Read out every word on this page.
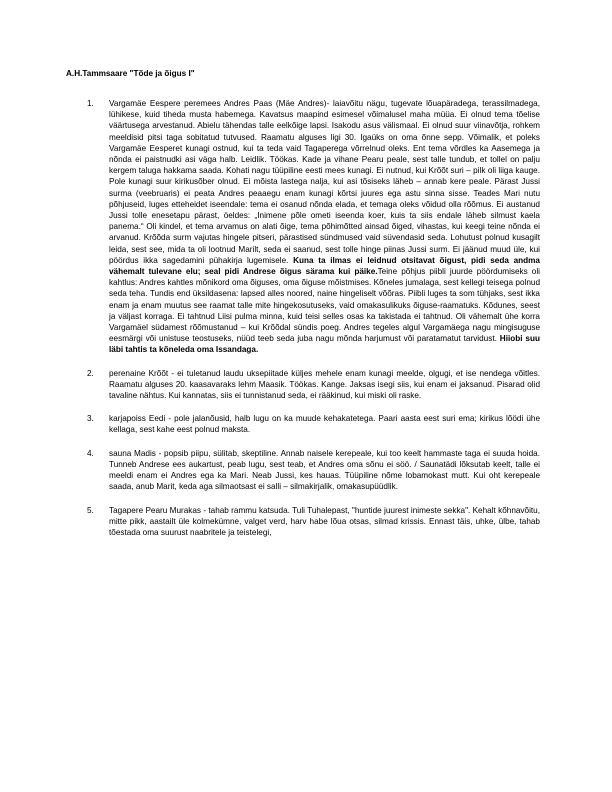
A.H.Tammsaare "Tõde ja õigus I"
1. Vargamäe Eespere peremees Andres Paas (Mäe Andres)- laiavõitu nägu, tugevate lõuapäradega, terassilmadega, lühikese, kuid tiheda musta habemega. Kavatsus maapind esimesel võimalusel maha müüa. Ei olnud tema tõelise väärtusega arvestanud. Abielu tähendas talle eelkõige lapsi. Isakodu asus välismaal. Ei olnud suur viinavõtja, rohkem meeldisid pitsi taga sobitatud tutvused. Raamatu alguses ligi 30. Igaüks on oma õnne sepp. Võimalik, et poleks Vargamäe Eesperet kunagi ostnud, kui ta teda vaid Tagaperega võrrelnud oleks. Ent tema võrdles ka Aasemega ja nõnda ei paistnudki asi väga halb. Leidlik. Töökas. Kade ja vihane Pearu peale, sest talle tundub, et tollel on palju kergem taluga hakkama saada. Kohati nagu tüüpiline eesti mees kunagi. Ei nutnud, kui Krõõt suri – pilk oli liiga kauge. Pole kunagi suur kirikusõber olnud. Ei mõista lastega nalja, kui asi tõsiseks läheb – annab kere peale. Pärast Jussi surma (veebruaris) ei peata Andres peaaegu enam kunagi kõrtsi juures ega astu sinna sisse. Teades Mari nutu põhjuseid, luges etteheidet iseendale: tema ei osanud nõnda elada, et temaga oleks võidud olla rõõmus. Ei austanud Jussi tolle enesetapu pärast, öeldes: „Inimene põle ometi iseenda koer, kuis ta siis endale läheb silmust kaela panema.“ Oli kindel, et tema arvamus on alati õige, tema põhimõtted ainsad õiged, vihastas, kui keegi teine nõnda ei arvanud. Krõõda surm vajutas hingele pitseri, pärastised sündmused vaid süvendasid seda. Lohutust polnud kusagilt leida, sest see, mida ta oli lootnud Marilt, seda ei saanud, sest tolle hinge piinas Jussi surm. Ei jäänud muud üle, kui pöördus ikka sagedamini pühakirja lugemisele. Kuna ta ilmas ei leidnud otsitavat õigust, pidi seda andma vähemalt tulevane elu; seal pidi Andrese õigus särama kui päike.Teine põhjus piibli juurde pöördumiseks oli kahtlus: Andres kahtles mõnikord oma õiguses, oma õiguse mõistmises. Kõneles jumalaga, sest kellegi teisega polnud seda teha. Tundis end üksildasena: lapsed alles noored, naine hingeliselt võõras. Piibli luges ta som tühjaks, sest ikka enam ja enam muutus see raamat talle mite hingekosutuseks, vaid omakasulikuks õiguse-raamatuks. Kõdunes, seest ja väljast korraga. Ei tahtnud Liisi pulma minna, kuid teisi selles osas ka takistada ei tahtnud. Oli vähemalt ühe korra Vargamäel südamest rõõmustanud – kui Krõõdal sündis poeg. Andres tegeles algul Vargamäega nagu mingisuguse eesmärgi või unistuse teostuseks, nüüd teeb seda juba nagu mõnda harjumust või paratamatut tarvidust. Hiiobi suu läbi tahtis ta kõneleda oma Issandaga.
2. perenaine Krõõt - ei tuletanud laudu uksepiitade küljes mehele enam kunagi meelde, olgugi, et ise nendega võitles. Raamatu alguses 20. kaasavaraks lehm Maasik. Töökas. Kange. Jaksas isegi siis, kui enam ei jaksanud. Pisarad olid tavaline nähtus. Kui kannatas, siis ei tunnistanud seda, ei rääkinud, kui miski oli raske.
3. karjapoiss Eedi - pole jalanõusid, halb lugu on ka muude kehakatetega. Paari aasta eest suri ema; kirikus lõödi ühe kellaga, sest kahe eest polnud maksta.
4. sauna Madis - popsib piipu, sülitab, skeptiline. Annab naisele kerepeale, kui too keelt hammaste taga ei suuda hoida. Tunneb Andrese ees aukartust, peab lugu, sest teab, et Andres oma sõnu ei söö. / Saunatädi lõksutab keelt, talle ei meeldi enam ei Andres ega ka Mari. Neab Jussi, kes hauas. Tüüpiline nõme lobamokast mutt. Kui oht kerepeale saada, anub Marit, keda aga silmaotsast ei salli – silmakirjalik, omakasupüüdlik.
5. Tagapere Pearu Murakas - tahab rammu katsuda. Tuli Tuhalepast, "huntide juurest inimeste sekka". Kehalt kõhnavõitu, mitte pikk, aastailt üle kolmekümne, valget verd, harv habe lõua otsas, silmad krissis. Ennast täis, uhke, ülbe, tahab tõestada oma suurust naabritele ja teistelegi,
